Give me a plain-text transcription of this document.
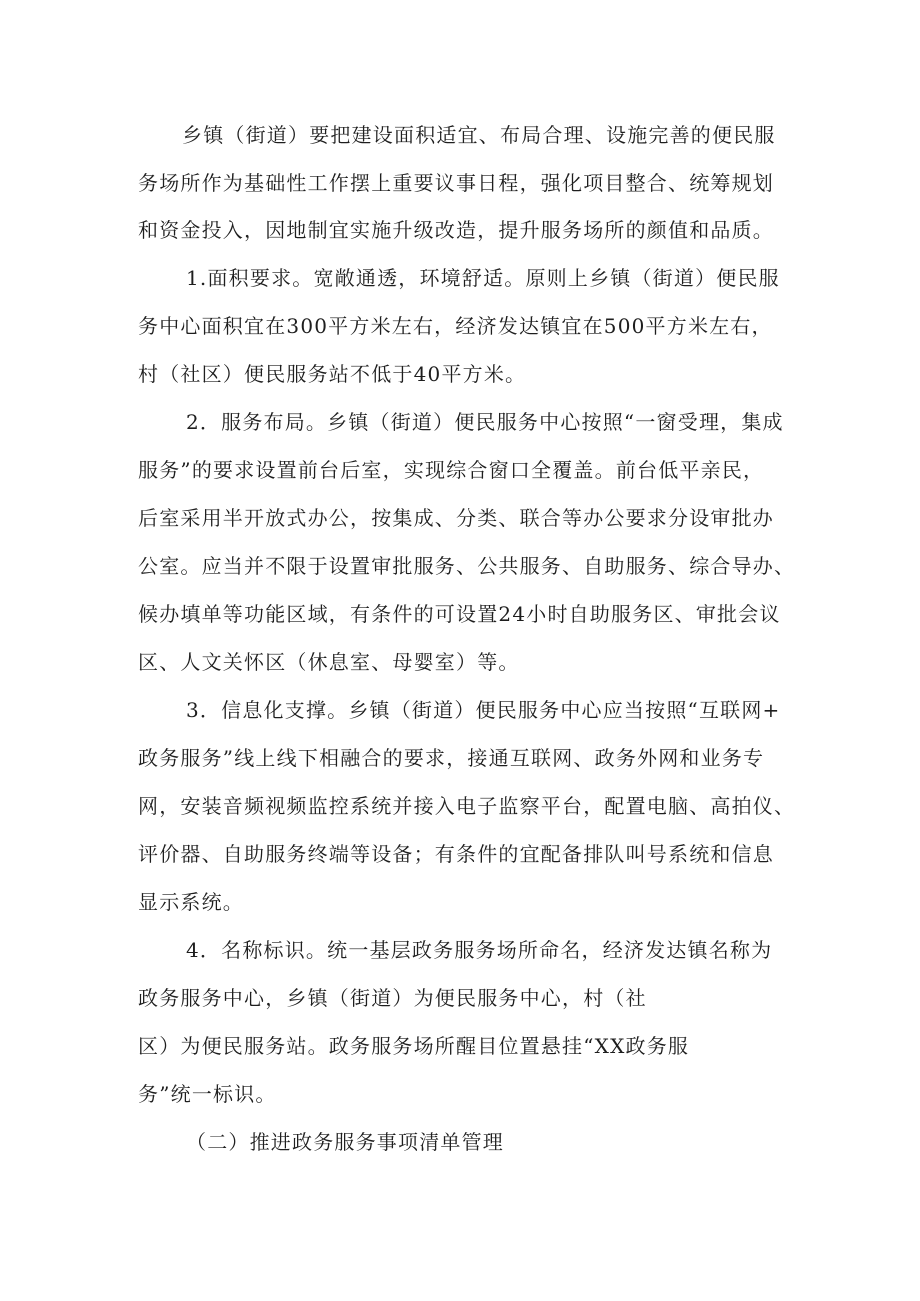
乡镇（街道）要把建设面积适宜、布局合理、设施完善的便民服
务场所作为基础性工作摆上重要议事日程，强化项目整合、统筹规划
和资金投入，因地制宜实施升级改造，提升服务场所的颜值和品质。
1.面积要求。宽敞通透，环境舒适。原则上乡镇（街道）便民服
务中心面积宜在300平方米左右，经济发达镇宜在500平方米左右，
村（社区）便民服务站不低于40平方米。
2．服务布局。乡镇（街道）便民服务中心按照“一窗受理，集成
服务”的要求设置前台后室，实现综合窗口全覆盖。前台低平亲民，
后室采用半开放式办公，按集成、分类、联合等办公要求分设审批办
公室。应当并不限于设置审批服务、公共服务、自助服务、综合导办、
候办填单等功能区域，有条件的可设置24小时自助服务区、审批会议
区、人文关怀区（休息室、母婴室）等。
3．信息化支撑。乡镇（街道）便民服务中心应当按照“互联网+
政务服务”线上线下相融合的要求，接通互联网、政务外网和业务专
网，安装音频视频监控系统并接入电子监察平台，配置电脑、高拍仪、
评价器、自助服务终端等设备；有条件的宜配备排队叫号系统和信息
显示系统。
4．名称标识。统一基层政务服务场所命名，经济发达镇名称为
政务服务中心，乡镇（街道）为便民服务中心，村（社
区）为便民服务站。政务服务场所醒目位置悬挂“XX政务服
务”统一标识。
（二）推进政务服务事项清单管理
